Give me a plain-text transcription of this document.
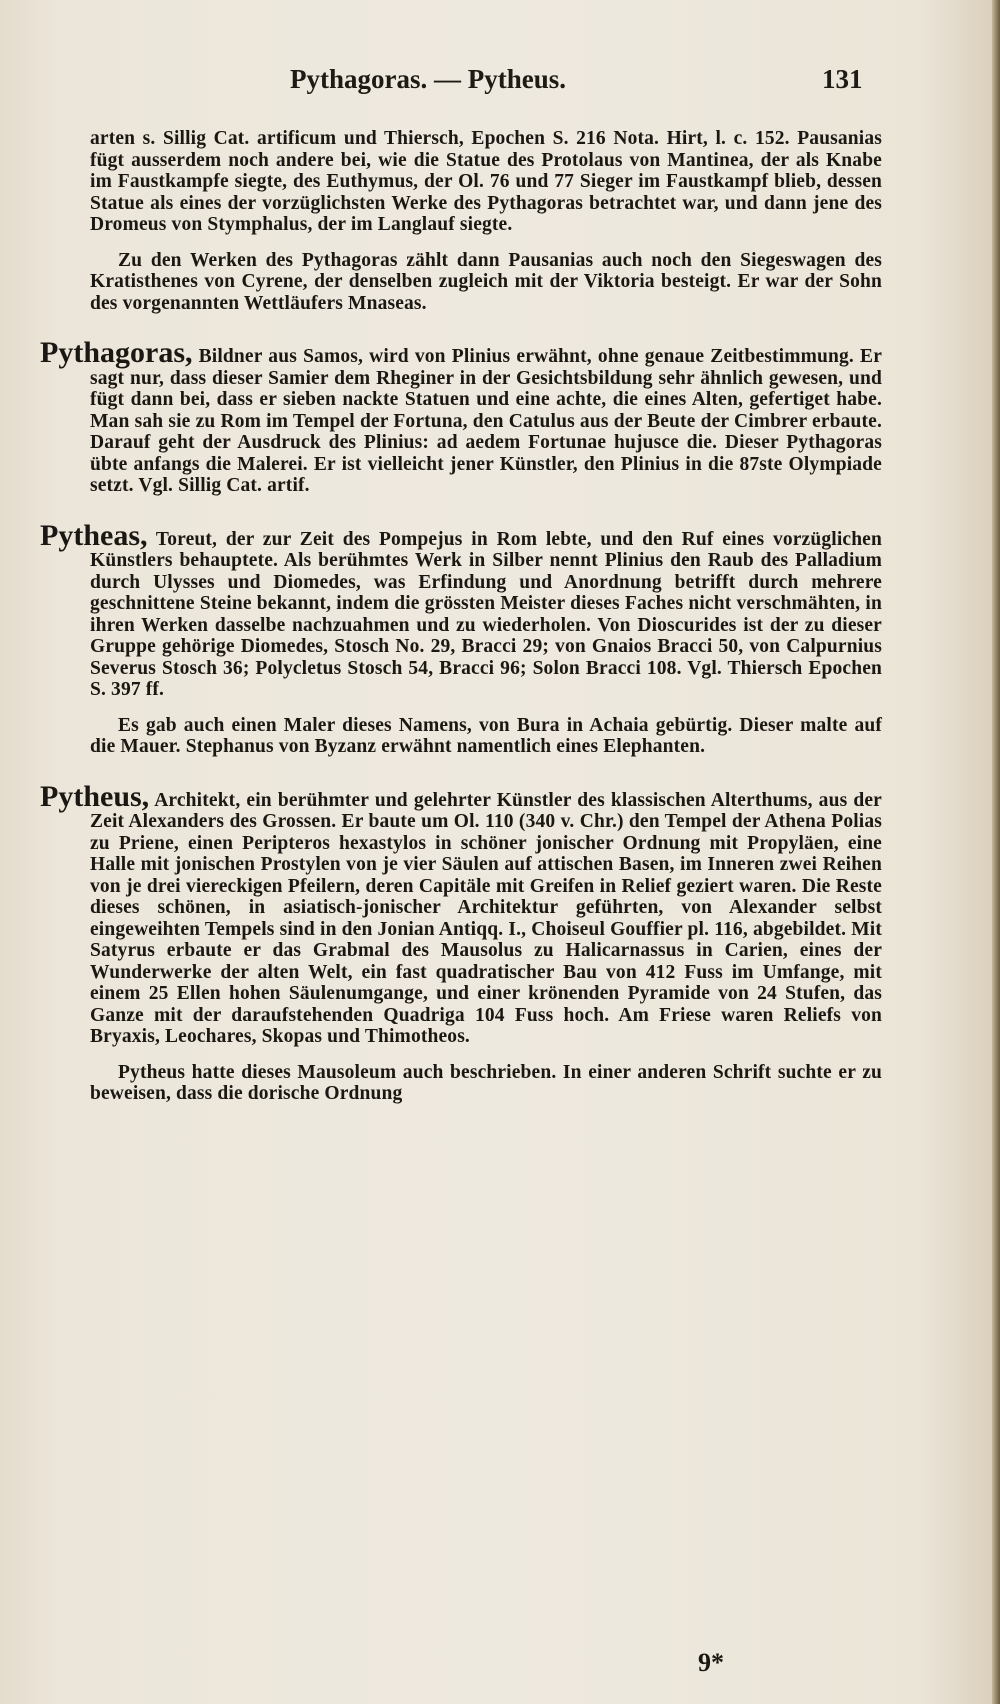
Pythagoras. — Pytheus.	131

arten s. Sillig Cat. artificum und Thiersch, Epochen S. 216 Nota. Hirt, l. c. 152. Pausanias fügt ausserdem noch andere bei, wie die Statue des Protolaus von Mantinea, der als Knabe im Faustkampfe siegte, des Euthymus, der Ol. 76 und 77 Sieger im Faustkampf blieb, dessen Statue als eines der vorzüglichsten Werke des Pythagoras betrachtet war, und dann jene des Dromeus von Stymphalus, der im Langlauf siegte.

Zu den Werken des Pythagoras zählt dann Pausanias auch noch den Siegeswagen des Kratisthenes von Cyrene, der denselben zugleich mit der Viktoria besteigt. Er war der Sohn des vorgenannten Wettläufers Mnaseas.

Pythagoras, Bildner aus Samos, wird von Plinius erwähnt, ohne genaue Zeitbestimmung. Er sagt nur, dass dieser Samier dem Rheginer in der Gesichtsbildung sehr ähnlich gewesen, und fügt dann bei, dass er sieben nackte Statuen und eine achte, die eines Alten, gefertiget habe. Man sah sie zu Rom im Tempel der Fortuna, den Catulus aus der Beute der Cimbrer erbaute. Darauf geht der Ausdruck des Plinius: ad aedem Fortunae hujusce die. Dieser Pythagoras übte anfangs die Malerei. Er ist vielleicht jener Künstler, den Plinius in die 87ste Olympiade setzt. Vgl. Sillig Cat. artif.

Pytheas, Toreut, der zur Zeit des Pompejus in Rom lebte, und den Ruf eines vorzüglichen Künstlers behauptete. Als berühmtes Werk in Silber nennt Plinius den Raub des Palladium durch Ulysses und Diomedes, was Erfindung und Anordnung betrifft durch mehrere geschnittene Steine bekannt, indem die grössten Meister dieses Faches nicht verschmähten, in ihren Werken dasselbe nachzuahmen und zu wiederholen. Von Dioscurides ist der zu dieser Gruppe gehörige Diomedes, Stosch No. 29, Bracci 29; von Gnaios Bracci 50, von Calpurnius Severus Stosch 36; Polycletus Stosch 54, Bracci 96; Solon Bracci 108. Vgl. Thiersch Epochen S. 397 ff.

Es gab auch einen Maler dieses Namens, von Bura in Achaia gebürtig. Dieser malte auf die Mauer. Stephanus von Byzanz erwähnt namentlich eines Elephanten.

Pytheus, Architekt, ein berühmter und gelehrter Künstler des klassischen Alterthums, aus der Zeit Alexanders des Grossen. Er baute um Ol. 110 (340 v. Chr.) den Tempel der Athena Polias zu Priene, einen Peripteros hexastylos in schöner jonischer Ordnung mit Propyläen, eine Halle mit jonischen Prostylen von je vier Säulen auf attischen Basen, im Inneren zwei Reihen von je drei viereckigen Pfeilern, deren Capitäle mit Greifen in Relief geziert waren. Die Reste dieses schönen, in asiatisch-jonischer Architektur geführten, von Alexander selbst eingeweihten Tempels sind in den Jonian Antiqq. I., Choiseul Gouffier pl. 116, abgebildet. Mit Satyrus erbaute er das Grabmal des Mausolus zu Halicarnassus in Carien, eines der Wunderwerke der alten Welt, ein fast quadratischer Bau von 412 Fuss im Umfange, mit einem 25 Ellen hohen Säulenumgange, und einer krönenden Pyramide von 24 Stufen, das Ganze mit der daraufstehenden Quadriga 104 Fuss hoch. Am Friese waren Reliefs von Bryaxis, Leochares, Skopas und Thimotheos.

Pytheus hatte dieses Mausoleum auch beschrieben. In einer anderen Schrift suchte er zu beweisen, dass die dorische Ordnung

9*
